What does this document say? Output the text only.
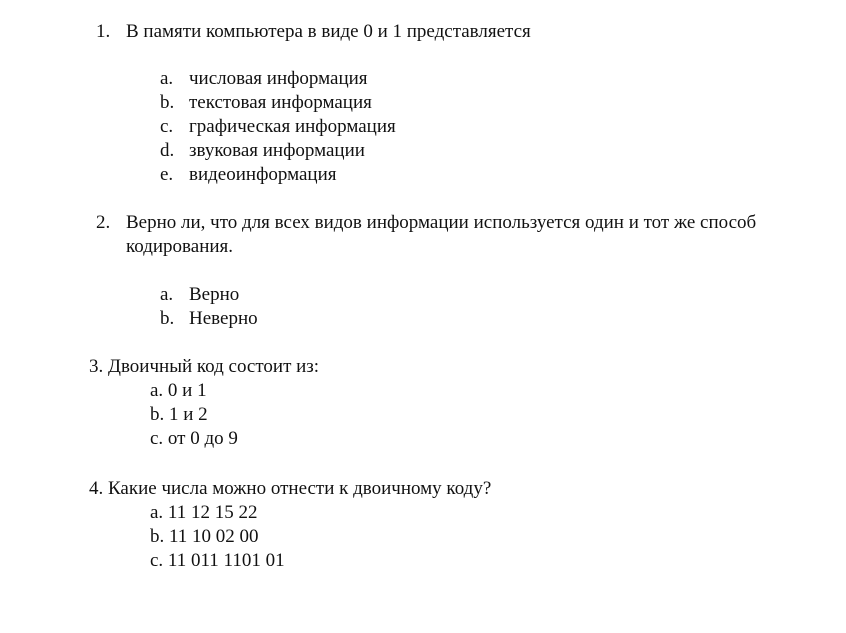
1. В памяти компьютера в виде 0 и 1 представляется
a. числовая информация
b. текстовая информация
c. графическая информация
d. звуковая информации
e. видеоинформация
2. Верно ли, что для всех видов информации используется один и тот же способ
кодирования.
a. Верно
b. Неверно
3. Двоичный код состоит из:
a. 0 и 1
b. 1 и 2
c. от 0 до 9
4. Какие числа можно отнести к двоичному коду?
a. 11 12 15 22
b. 11 10 02 00
c. 11 011 1101 01
